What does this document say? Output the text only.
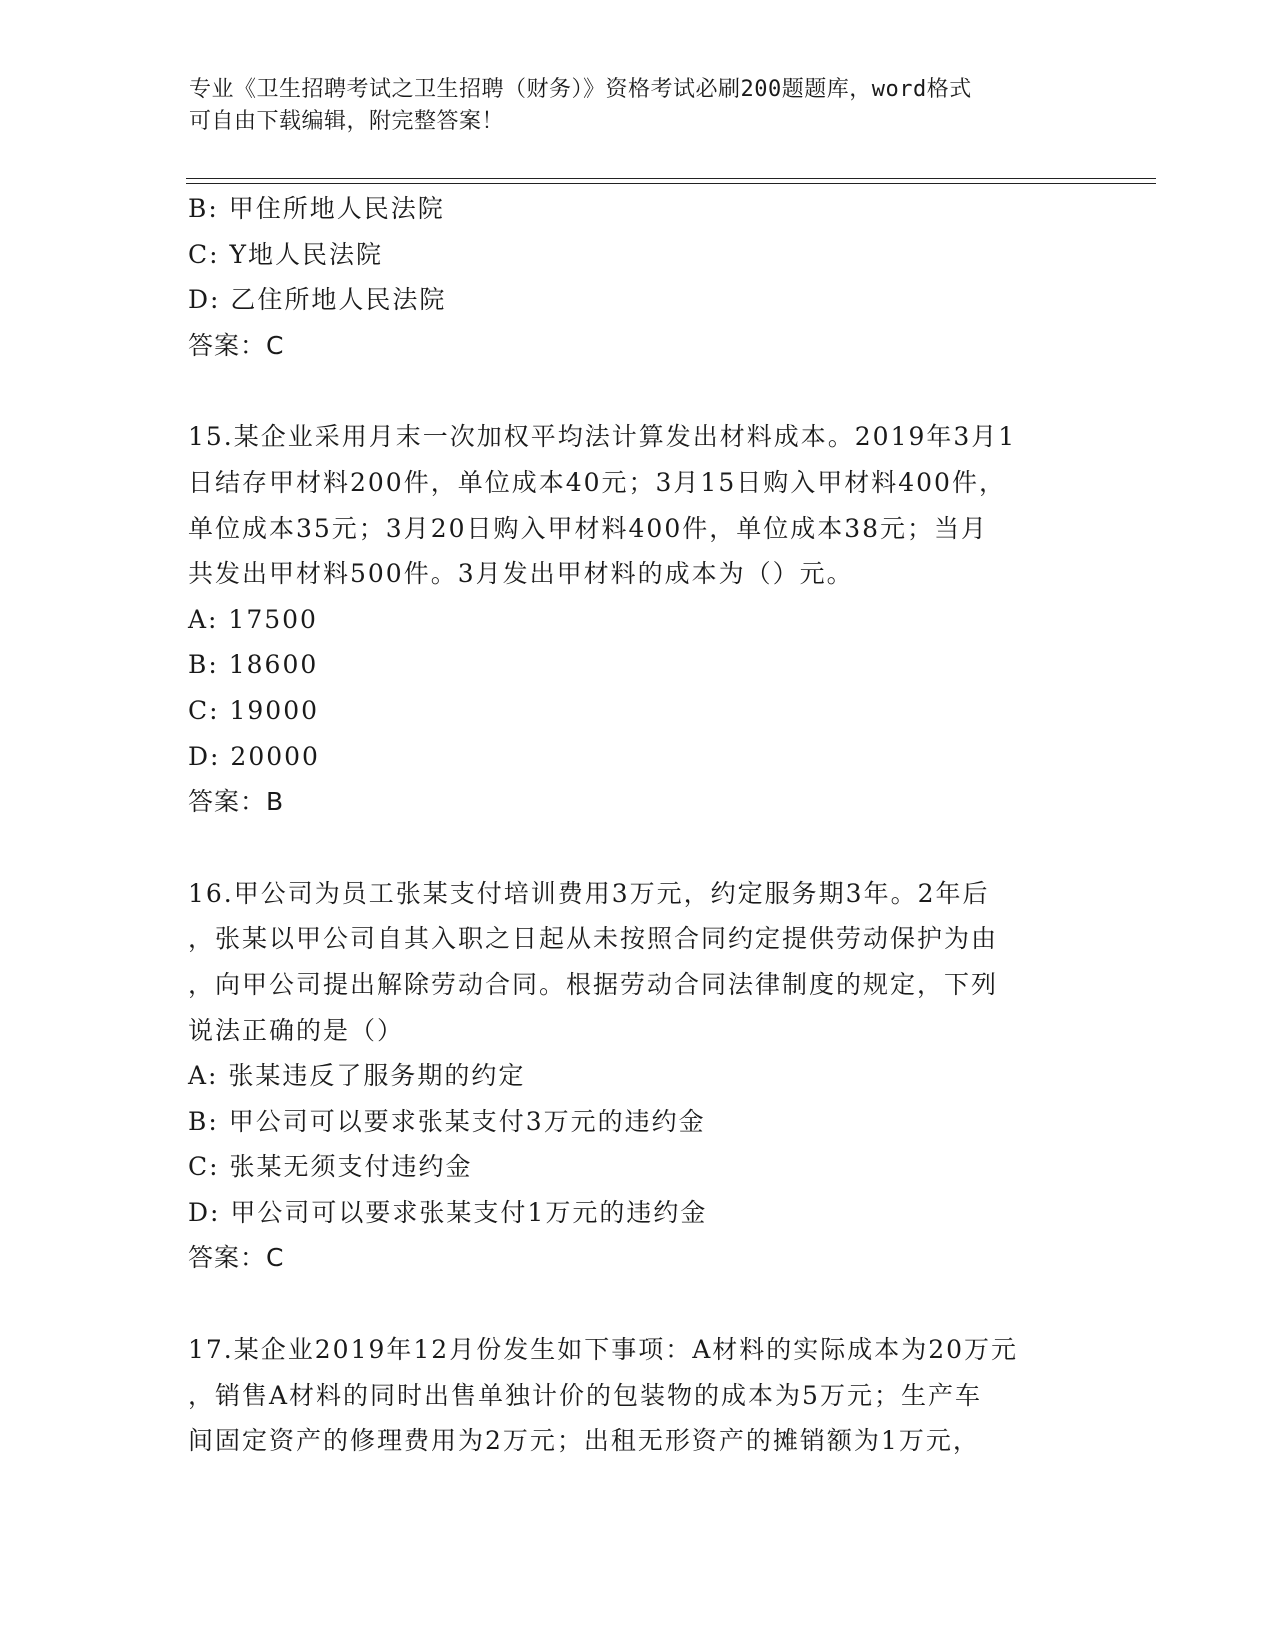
专业《卫生招聘考试之卫生招聘（财务）》资格考试必刷200题题库，word格式
可自由下载编辑，附完整答案！
B: 甲住所地人民法院
C: Y地人民法院
D: 乙住所地人民法院
答案：C
15.某企业采用月末一次加权平均法计算发出材料成本。2019年3月1
日结存甲材料200件，单位成本40元；3月15日购入甲材料400件，
单位成本35元；3月20日购入甲材料400件，单位成本38元；当月
共发出甲材料500件。3月发出甲材料的成本为（）元。
A: 17500
B: 18600
C: 19000
D: 20000
答案：B
16.甲公司为员工张某支付培训费用3万元，约定服务期3年。2年后
，张某以甲公司自其入职之日起从未按照合同约定提供劳动保护为由
，向甲公司提出解除劳动合同。根据劳动合同法律制度的规定，下列
说法正确的是（）
A: 张某违反了服务期的约定
B: 甲公司可以要求张某支付3万元的违约金
C: 张某无须支付违约金
D: 甲公司可以要求张某支付1万元的违约金
答案：C
17.某企业2019年12月份发生如下事项：A材料的实际成本为20万元
，销售A材料的同时出售单独计价的包装物的成本为5万元；生产车
间固定资产的修理费用为2万元；出租无形资产的摊销额为1万元，
